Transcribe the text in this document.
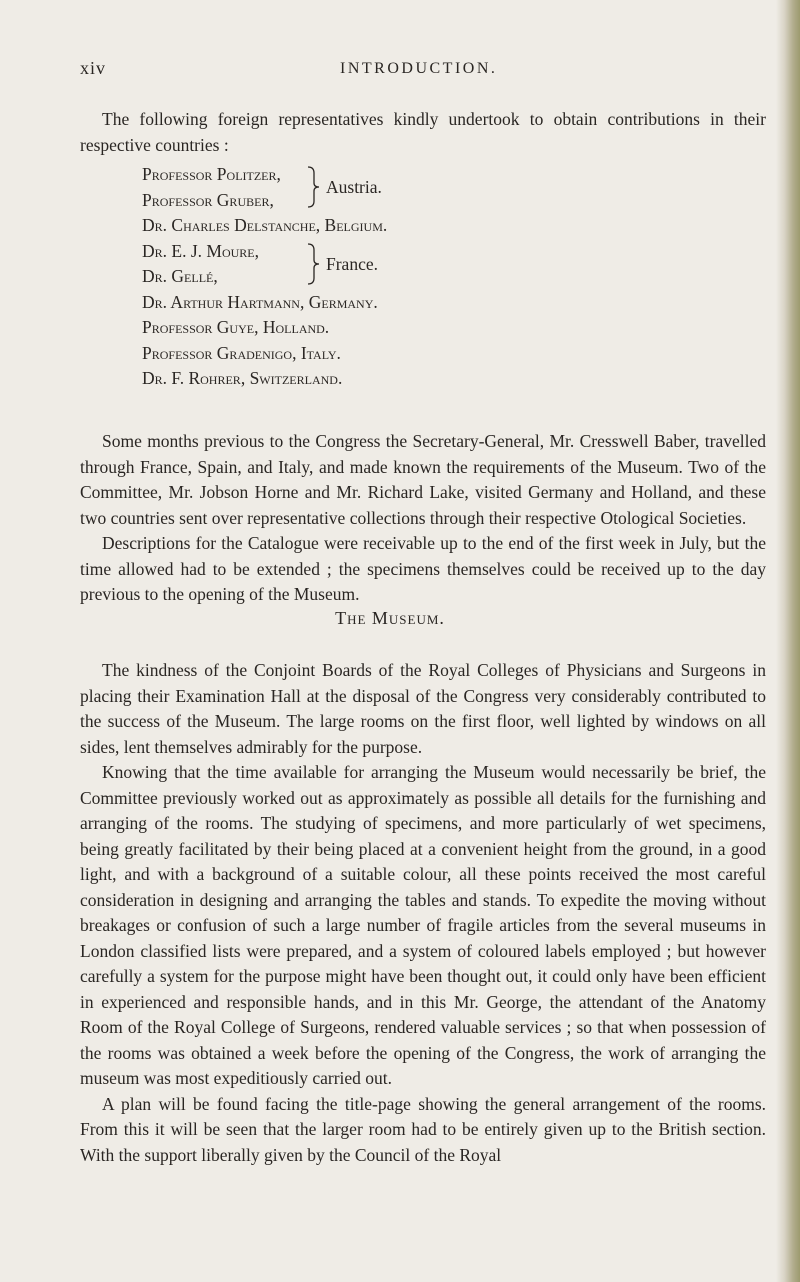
xiv	INTRODUCTION.
The following foreign representatives kindly undertook to obtain contributions in their respective countries :
Professor Politzer,
Professor Gruber,
Austria.
Dr. Charles Delstanche, Belgium.
Dr. E. J. Moure,
Dr. Gellé,
France.
Dr. Arthur Hartmann, Germany.
Professor Guye, Holland.
Professor Gradenigo, Italy.
Dr. F. Rohrer, Switzerland.
Some months previous to the Congress the Secretary-General, Mr. Cresswell Baber, travelled through France, Spain, and Italy, and made known the requirements of the Museum. Two of the Committee, Mr. Jobson Horne and Mr. Richard Lake, visited Germany and Holland, and these two countries sent over representative collections through their respective Otological Societies.
Descriptions for the Catalogue were receivable up to the end of the first week in July, but the time allowed had to be extended ; the specimens themselves could be received up to the day previous to the opening of the Museum.
The Museum.
The kindness of the Conjoint Boards of the Royal Colleges of Physicians and Surgeons in placing their Examination Hall at the disposal of the Congress very considerably contributed to the success of the Museum. The large rooms on the first floor, well lighted by windows on all sides, lent themselves admirably for the purpose.
Knowing that the time available for arranging the Museum would necessarily be brief, the Committee previously worked out as approximately as possible all details for the furnishing and arranging of the rooms. The studying of specimens, and more particularly of wet specimens, being greatly facilitated by their being placed at a convenient height from the ground, in a good light, and with a background of a suitable colour, all these points received the most careful consideration in designing and arranging the tables and stands. To expedite the moving without breakages or confusion of such a large number of fragile articles from the several museums in London classified lists were prepared, and a system of coloured labels employed ; but however carefully a system for the purpose might have been thought out, it could only have been efficient in experienced and responsible hands, and in this Mr. George, the attendant of the Anatomy Room of the Royal College of Surgeons, rendered valuable services ; so that when possession of the rooms was obtained a week before the opening of the Congress, the work of arranging the museum was most expeditiously carried out.
A plan will be found facing the title-page showing the general arrangement of the rooms. From this it will be seen that the larger room had to be entirely given up to the British section. With the support liberally given by the Council of the Royal
